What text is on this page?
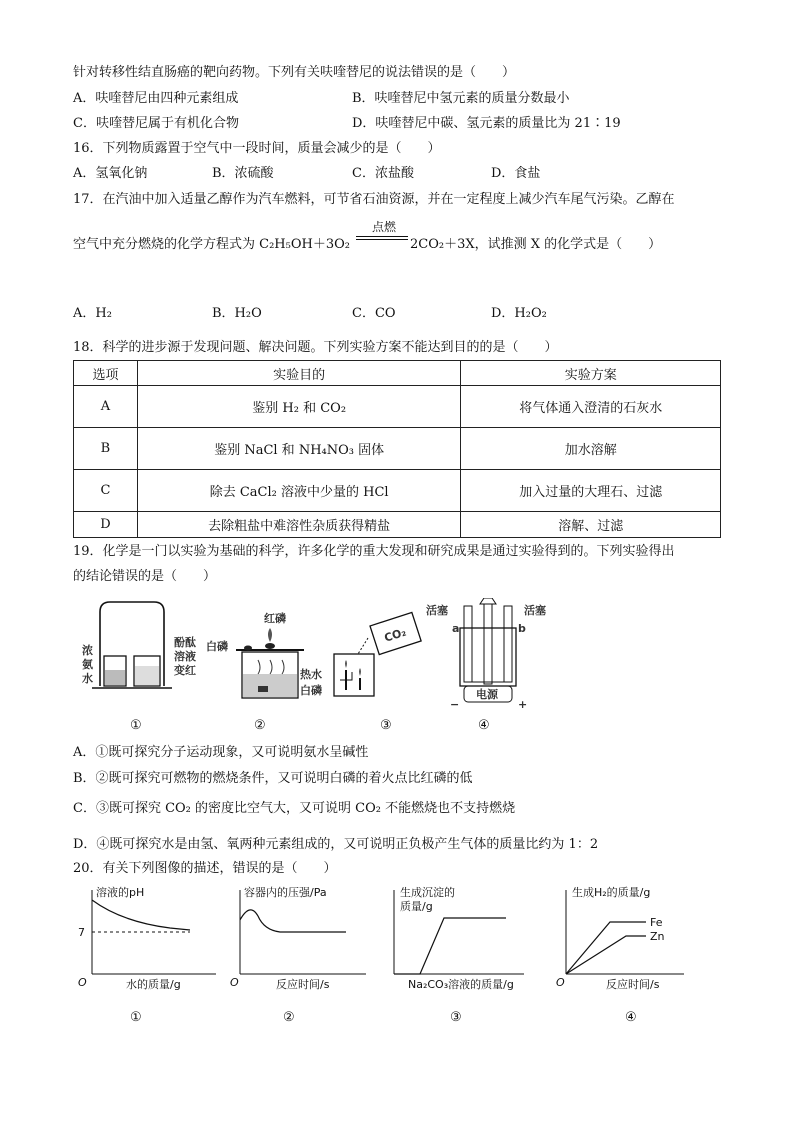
针对转移性结直肠癌的靶向药物。下列有关呋喹替尼的说法错误的是（　　）
A．呋喹替尼由四种元素组成	B．呋喹替尼中氢元素的质量分数最小
C．呋喹替尼属于有机化合物	D．呋喹替尼中碳、氢元素的质量比为 21∶19
16．下列物质露置于空气中一段时间，质量会减少的是（　　）
A．氢氧化钠	B．浓硫酸	C．浓盐酸	D．食盐
17．在汽油中加入适量乙醇作为汽车燃料，可节省石油资源，并在一定程度上减少汽车尾气污染。乙醇在
空气中充分燃烧的化学方程式为 C₂H₅OH＋3O₂
点燃
2CO₂＋3X，试推测 X 的化学式是（　　）
A．H₂	B．H₂O	C．CO	D．H₂O₂
18．科学的进步源于发现问题、解决问题。下列实验方案不能达到目的的是（　　）
选项	实验目的	实验方案
A	鉴别 H₂ 和 CO₂	将气体通入澄清的石灰水
B	鉴别 NaCl 和 NH₄NO₃ 固体	加水溶解
C	除去 CaCl₂ 溶液中少量的 HCl	加入过量的大理石、过滤
D	去除粗盐中难溶性杂质获得精盐	溶解、过滤
19．化学是一门以实验为基础的科学，许多化学的重大发现和研究成果是通过实验得到的。下列实验得出
的结论错误的是（　　）
浓
氨
水
酚酞
溶液
变红
白磷
红磷
热水
白磷
CO₂
活塞	活塞
a	b
电源
−	+
①	②	③	④
A．①既可探究分子运动现象，又可说明氨水呈碱性
B．②既可探究可燃物的燃烧条件，又可说明白磷的着火点比红磷的低
C．③既可探究 CO₂ 的密度比空气大，又可说明 CO₂ 不能燃烧也不支持燃烧
D．④既可探究水是由氢、氧两种元素组成的，又可说明正负极产生气体的质量比约为 1：2
20．有关下列图像的描述，错误的是（　　）
溶液的pH
7
水的质量/g
O
容器内的压强/Pa
反应时间/s
O
生成沉淀的
质量/g
Na₂CO₃溶液的质量/g
生成H₂的质量/g
Fe
Zn
反应时间/s
O
①	②	③	④
